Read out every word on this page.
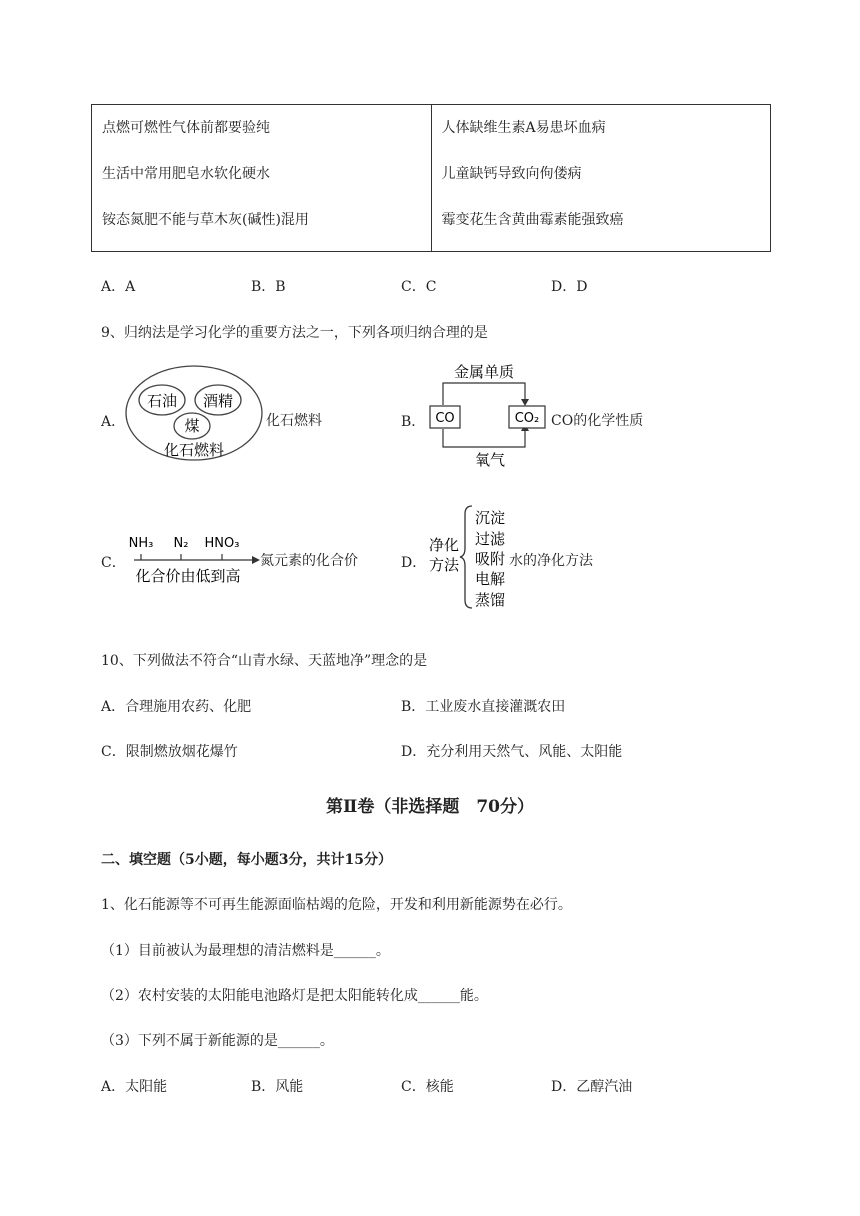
点燃可燃性气体前都要验纯
生活中常用肥皂水软化硬水
铵态氮肥不能与草木灰(碱性)混用

人体缺维生素A易患坏血病
儿童缺钙导致向佝偻病
霉变花生含黄曲霉素能强致癌
A．A	B．B	C．C	D．D
9、归纳法是学习化学的重要方法之一，下列各项归纳合理的是
A．
石油 酒精
煤
化石燃料
化石燃料	B．
金属单质
CO	CO₂
氧气
CO的化学性质
C．
NH₃ N₂ HNO₃
化合价由低到高
氮元素的化合价	D．
净化
方法
沉淀
过滤
吸附
电解
蒸馏
水的净化方法
10、下列做法不符合“山青水绿、天蓝地净”理念的是
A．合理施用农药、化肥	B．工业废水直接灌溉农田
C．限制燃放烟花爆竹	D．充分利用天然气、风能、太阳能
第Ⅱ卷（非选择题　70分）
二、填空题（5小题，每小题3分，共计15分）
1、化石能源等不可再生能源面临枯竭的危险，开发和利用新能源势在必行。
（1）目前被认为最理想的清洁燃料是______。
（2）农村安装的太阳能电池路灯是把太阳能转化成______能。
（3）下列不属于新能源的是______。
A．太阳能	B．风能	C．核能	D．乙醇汽油
